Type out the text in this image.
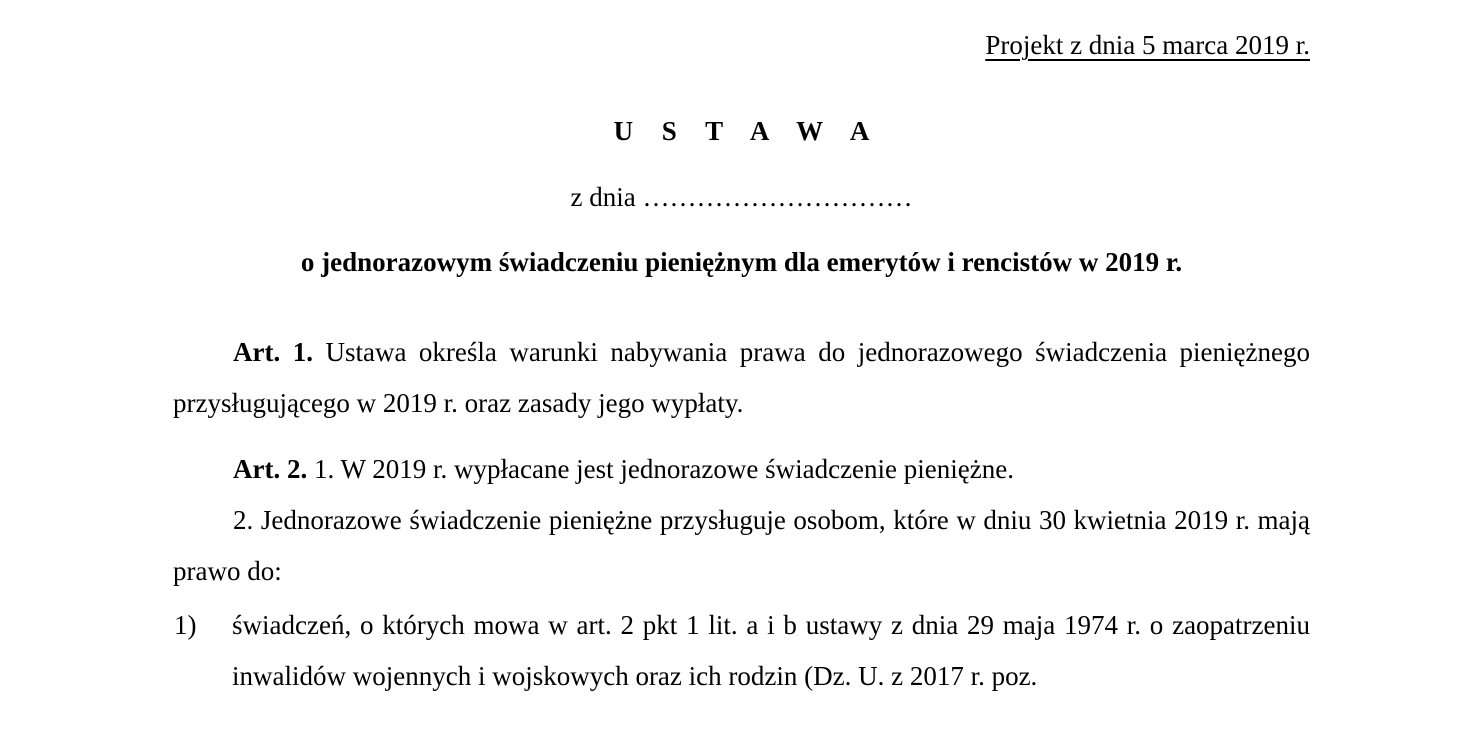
Projekt z dnia 5 marca 2019 r.
U S T A W A
z dnia …………………………
o jednorazowym świadczeniu pieniężnym dla emerytów i rencistów w 2019 r.

Art. 1. Ustawa określa warunki nabywania prawa do jednorazowego świadczenia pieniężnego przysługującego w 2019 r. oraz zasady jego wypłaty.

Art. 2. 1. W 2019 r. wypłacane jest jednorazowe świadczenie pieniężne.

2. Jednorazowe świadczenie pieniężne przysługuje osobom, które w dniu 30 kwietnia 2019 r. mają prawo do:

1)	świadczeń, o których mowa w art. 2 pkt 1 lit. a i b ustawy z dnia 29 maja 1974 r. o zaopatrzeniu inwalidów wojennych i wojskowych oraz ich rodzin (Dz. U. z 2017 r. poz.
